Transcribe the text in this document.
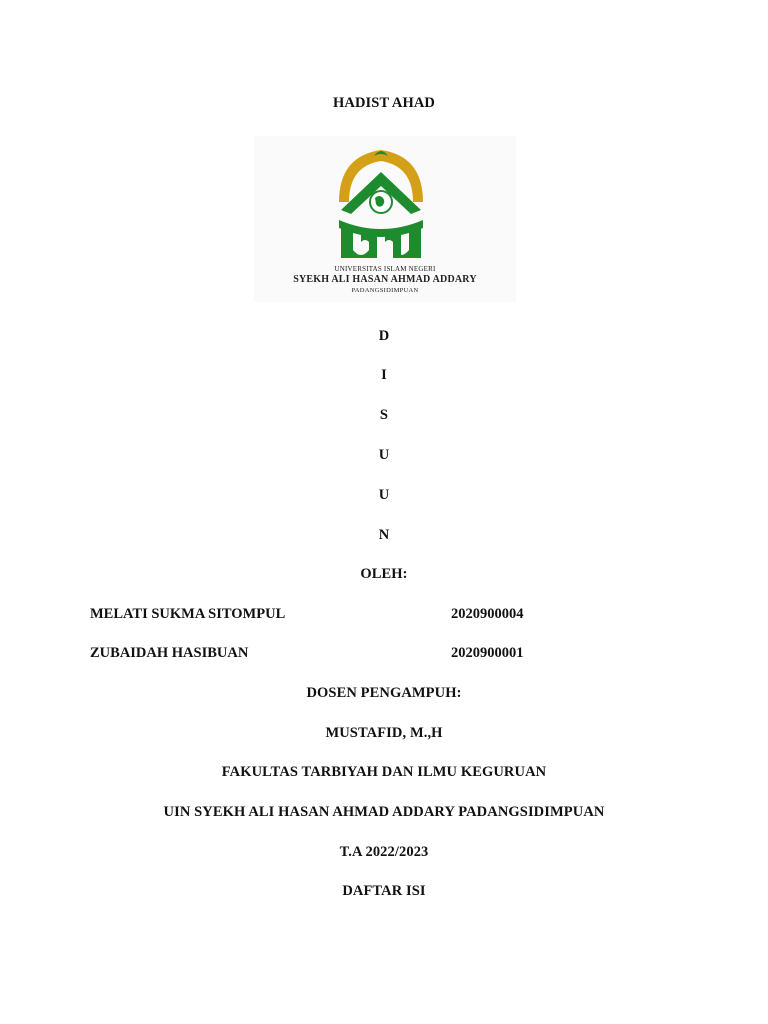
HADIST AHAD
UNIVERSITAS ISLAM NEGERI
SYEKH ALI HASAN AHMAD ADDARY
PADANGSIDIMPUAN
D
I
S
U
U
N
OLEH:
MELATI SUKMA SITOMPUL	2020900004
ZUBAIDAH HASIBUAN	2020900001
DOSEN PENGAMPUH:
MUSTAFID, M.,H
FAKULTAS TARBIYAH DAN ILMU KEGURUAN
UIN SYEKH ALI HASAN AHMAD ADDARY PADANGSIDIMPUAN
T.A 2022/2023
DAFTAR ISI
